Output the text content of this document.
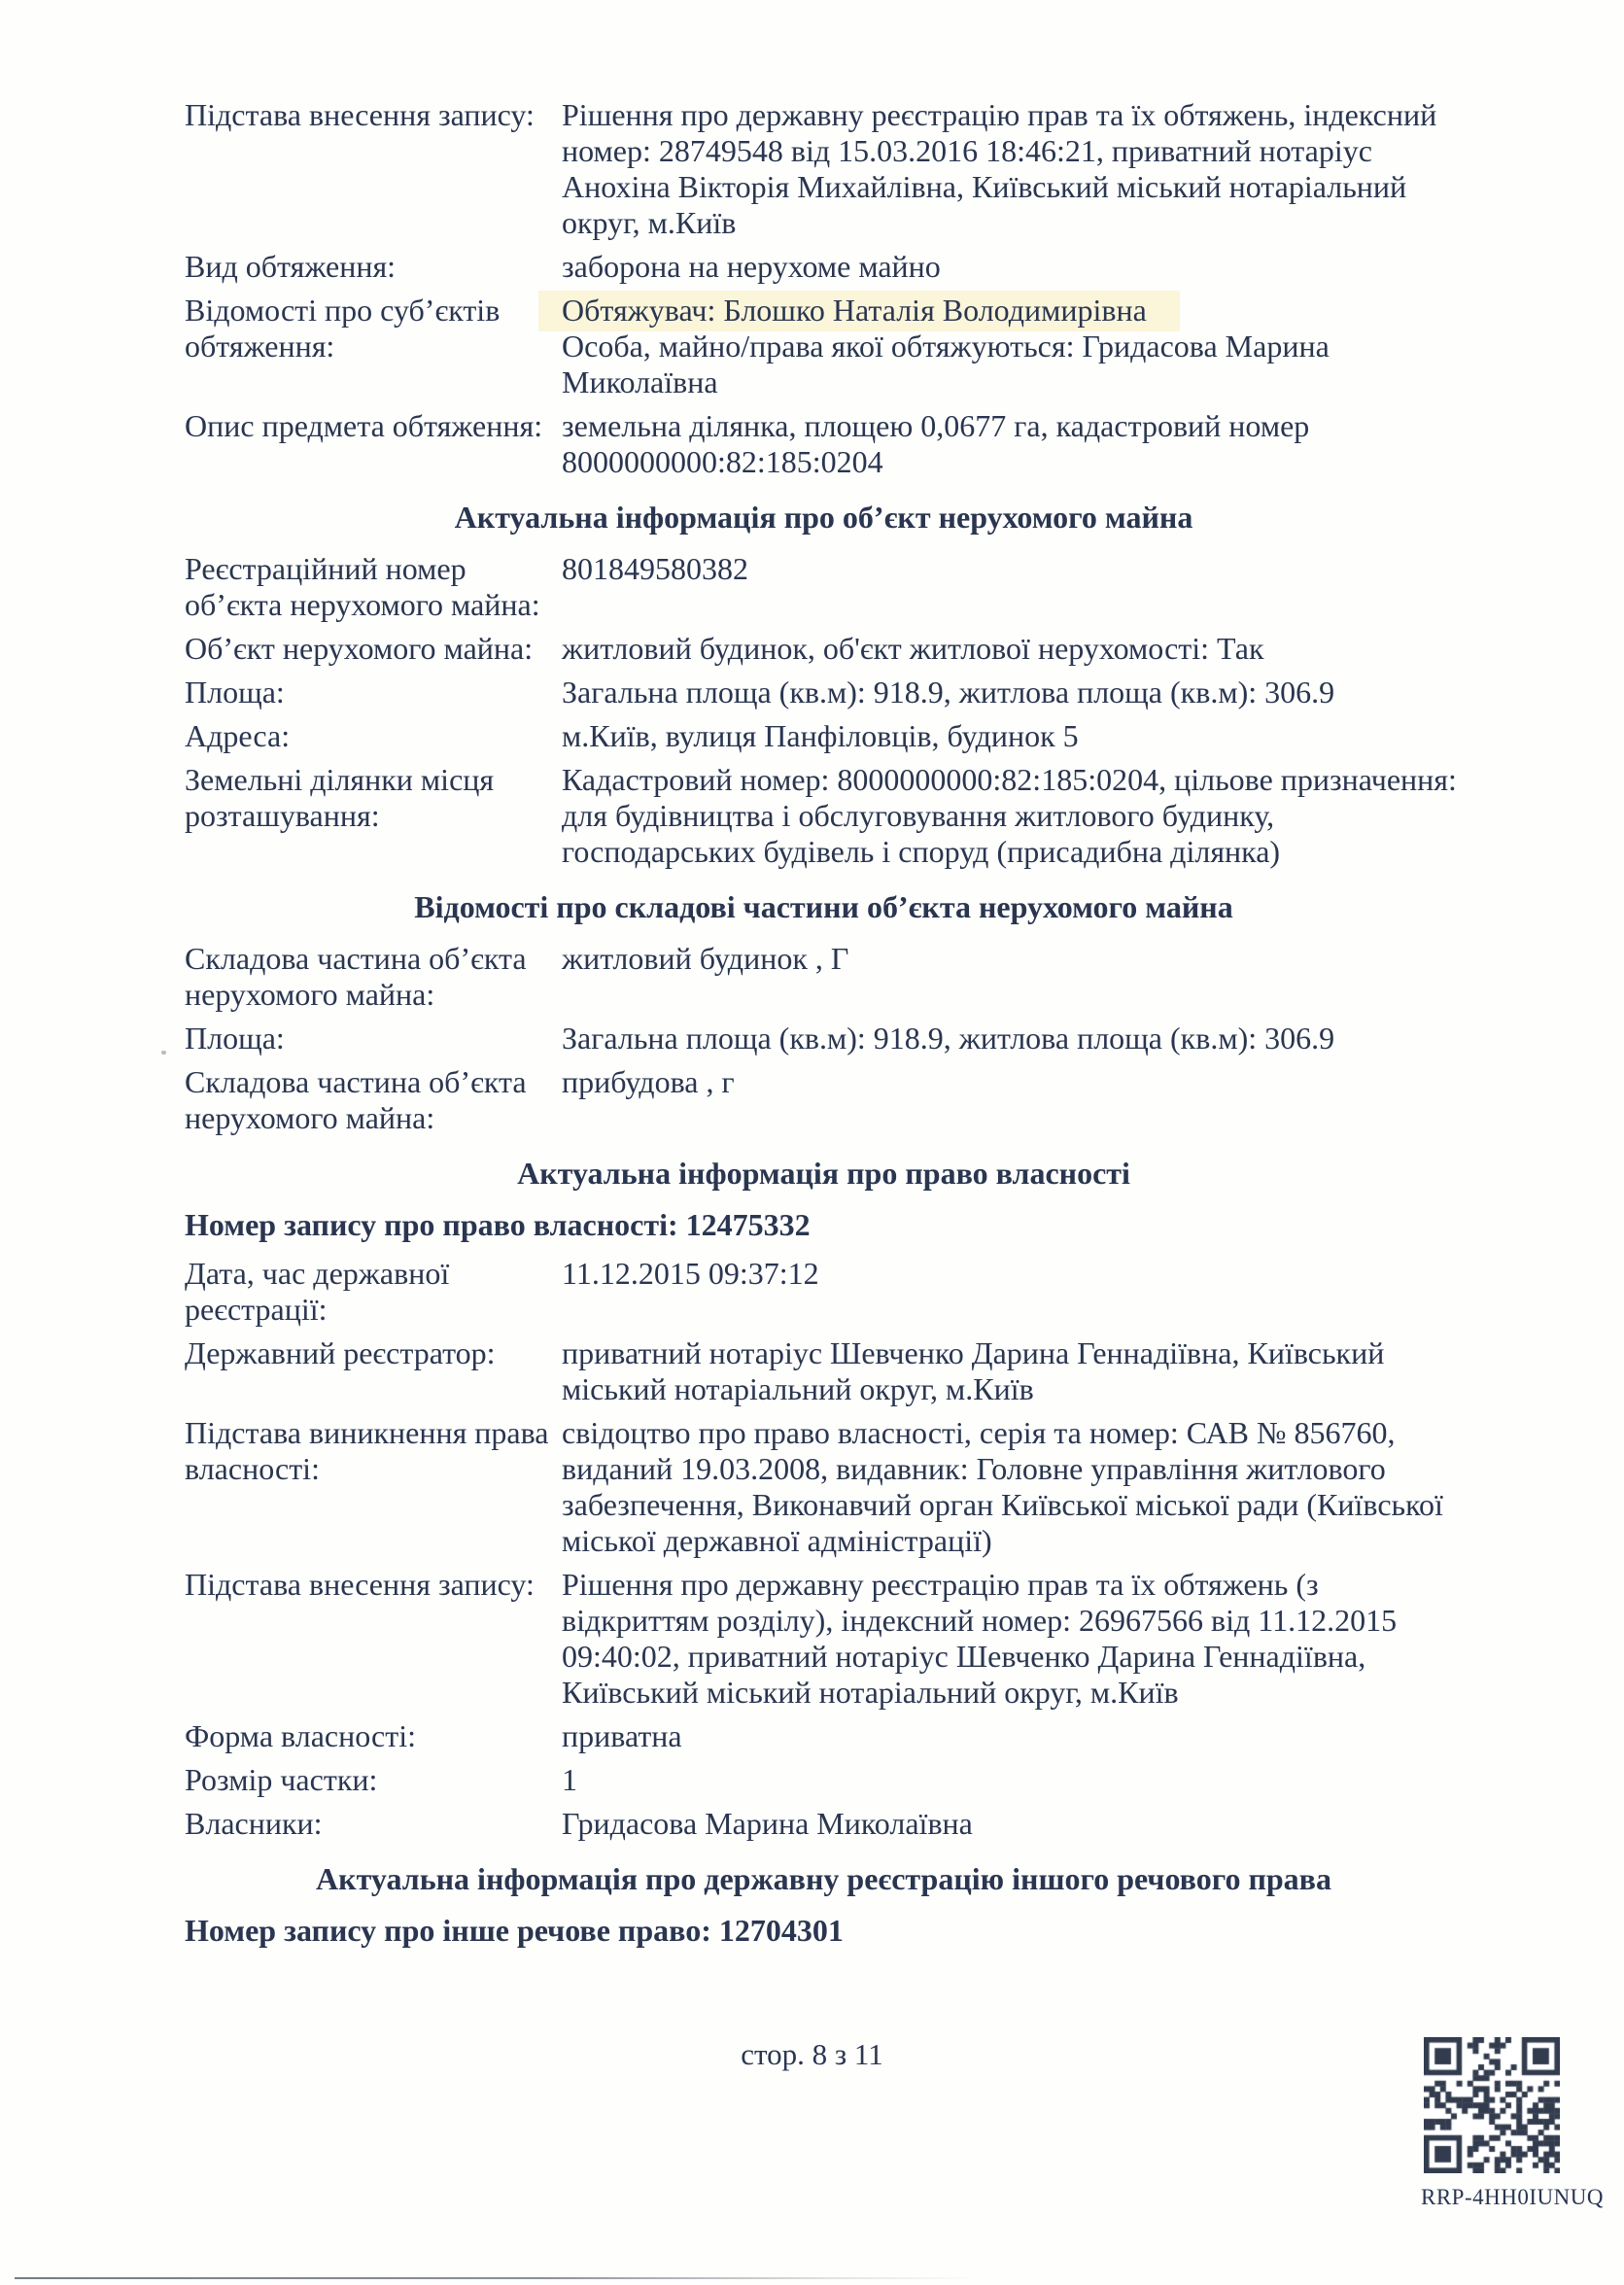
Підстава внесення запису: Рішення про державну реєстрацію прав та їх обтяжень, індексний номер: 28749548 від 15.03.2016 18:46:21, приватний нотаріус Анохіна Вікторія Михайлівна, Київський міський нотаріальний округ, м.Київ
Вид обтяження:	заборона на нерухоме майно
Відомості про суб’єктів обтяження:
Обтяжувач: Блошко Наталія Володимирівна
Особа, майно/права якої обтяжуються: Гридасова Марина Миколаївна
Опис предмета обтяження: земельна ділянка, площею 0,0677 га, кадастровий номер 8000000000:82:185:0204
Актуальна інформація про об’єкт нерухомого майна
Реєстраційний номер об’єкта нерухомого майна:
801849580382
Об’єкт нерухомого майна: житловий будинок, об'єкт житлової нерухомості: Так
Площа:	Загальна площа (кв.м): 918.9, житлова площа (кв.м): 306.9
Адреса:	м.Київ, вулиця Панфіловців, будинок 5
Земельні ділянки місця розташування:
Кадастровий номер: 8000000000:82:185:0204, цільове призначення: для будівництва і обслуговування житлового будинку, господарських будівель і споруд (присадибна ділянка)
Відомості про складові частини об’єкта нерухомого майна
Складова частина об’єкта нерухомого майна:
житловий будинок , Г
Площа:	Загальна площа (кв.м): 918.9, житлова площа (кв.м): 306.9
Складова частина об’єкта нерухомого майна:
прибудова , г
Актуальна інформація про право власності
Номер запису про право власності: 12475332
Дата, час державної реєстрації:
11.12.2015 09:37:12
Державний реєстратор:	приватний нотаріус Шевченко Дарина Геннадіївна, Київський міський нотаріальний округ, м.Київ
Підстава виникнення права власності:
свідоцтво про право власності, серія та номер: САВ № 856760, виданий 19.03.2008, видавник: Головне управління житлового забезпечення, Виконавчий орган Київської міської ради (Київської міської державної адміністрації)
Підстава внесення запису: Рішення про державну реєстрацію прав та їх обтяжень (з відкриттям розділу), індексний номер: 26967566 від 11.12.2015 09:40:02, приватний нотаріус Шевченко Дарина Геннадіївна, Київський міський нотаріальний округ, м.Київ
Форма власності:	приватна
Розмір частки:	1
Власники:	Гридасова Марина Миколаївна
Актуальна інформація про державну реєстрацію іншого речового права
Номер запису про інше речове право: 12704301
стор. 8 з 11
RRP-4HH0IUNUQ
